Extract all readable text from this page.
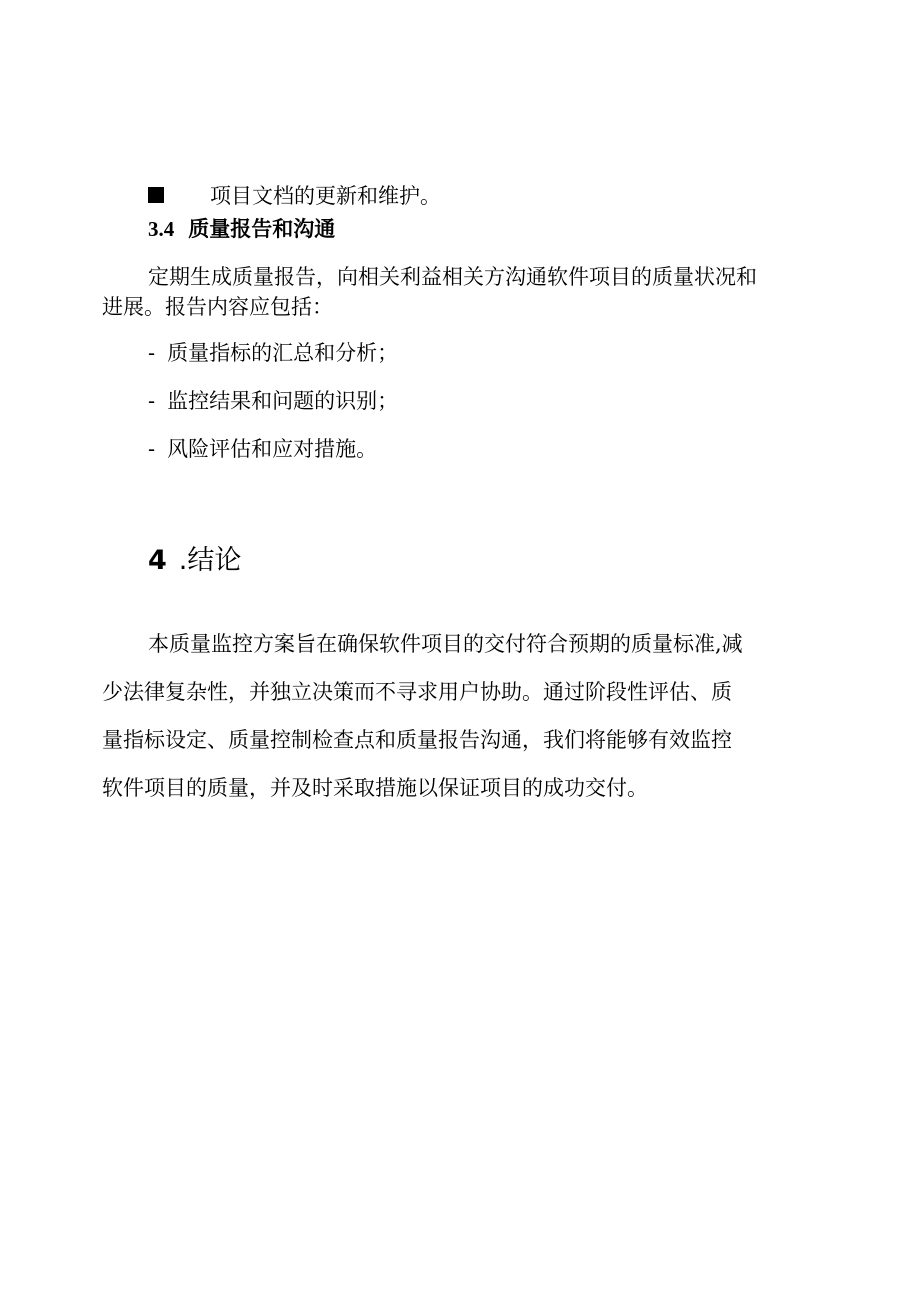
项目文档的更新和维护。
3.4 质量报告和沟通
定期生成质量报告，向相关利益相关方沟通软件项目的质量状况和
进展。报告内容应包括：
- 质量指标的汇总和分析；
- 监控结果和问题的识别；
- 风险评估和应对措施。
4 .结论
本质量监控方案旨在确保软件项目的交付符合预期的质量标准,减
少法律复杂性，并独立决策而不寻求用户协助。通过阶段性评估、质
量指标设定、质量控制检查点和质量报告沟通，我们将能够有效监控
软件项目的质量，并及时采取措施以保证项目的成功交付。
